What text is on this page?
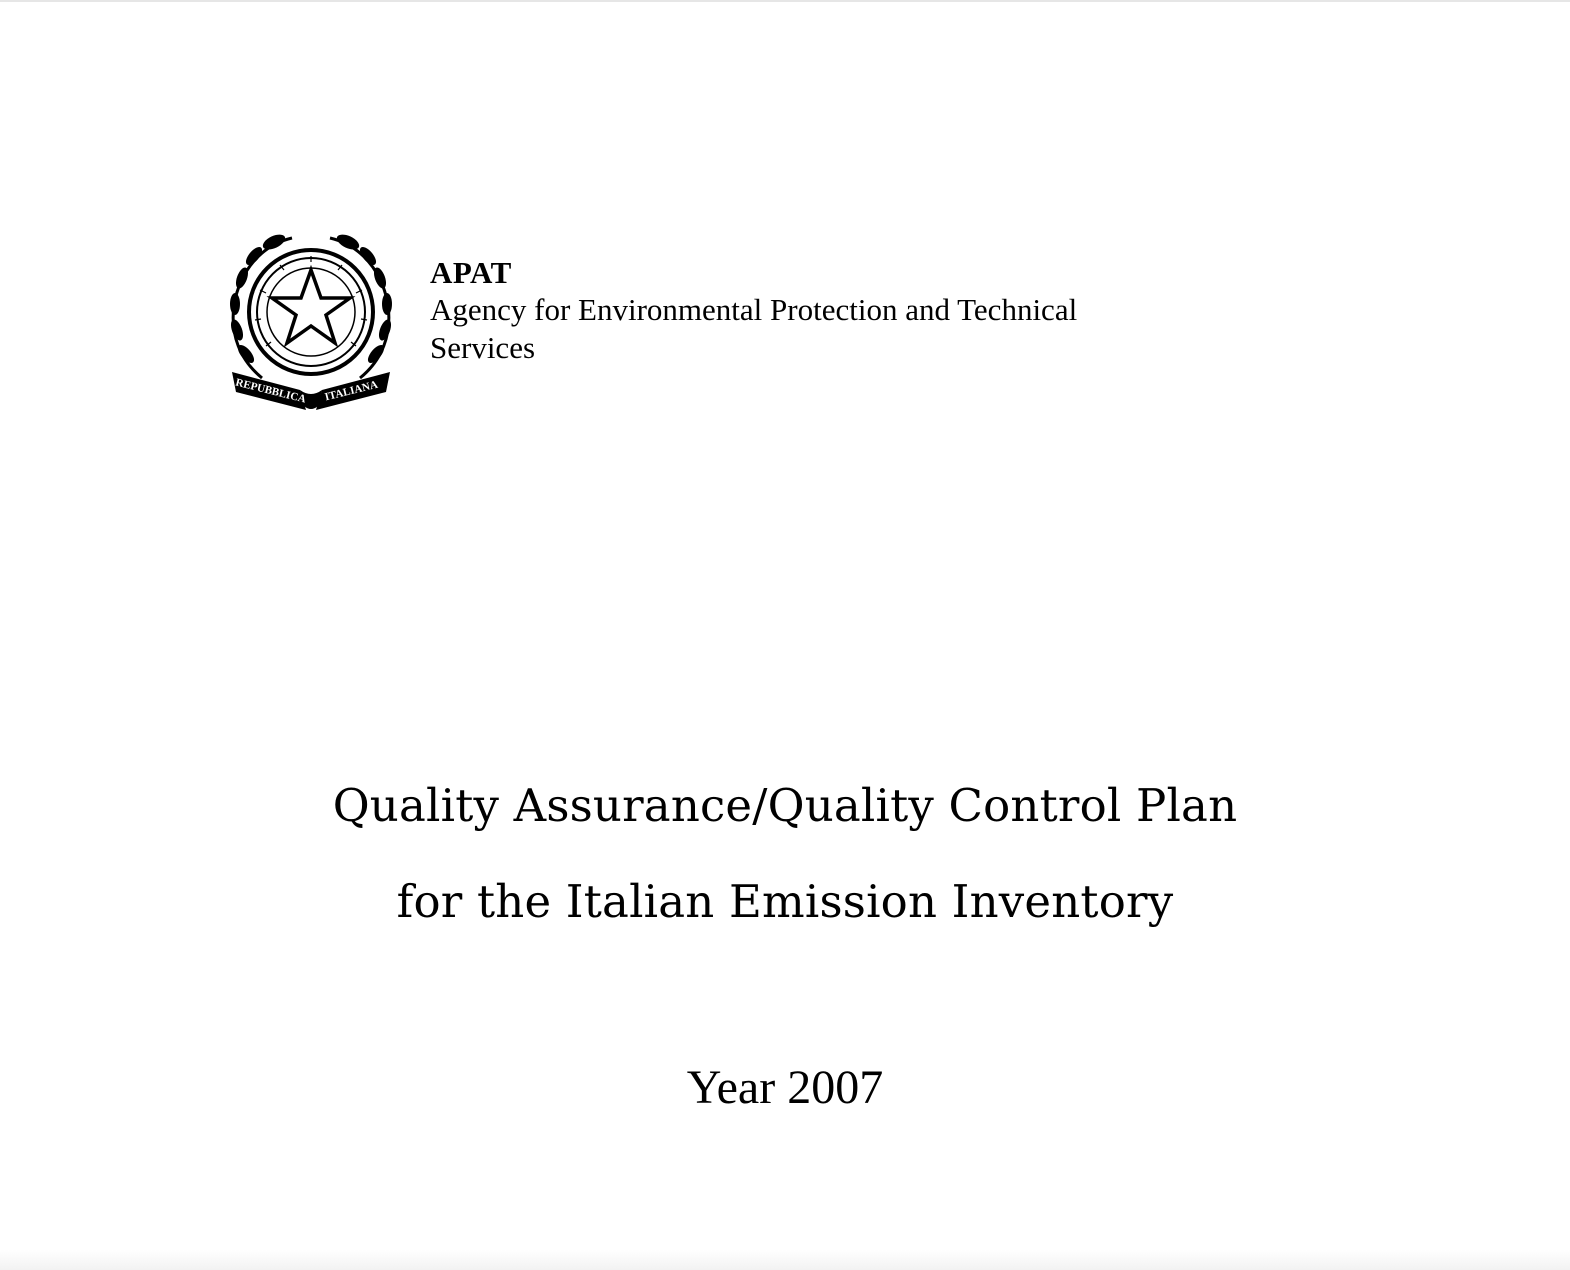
REPUBBLICA ITALIANA
APAT
Agency for Environmental Protection and Technical Services
Quality Assurance/Quality Control Plan
for the Italian Emission Inventory
Year 2007
